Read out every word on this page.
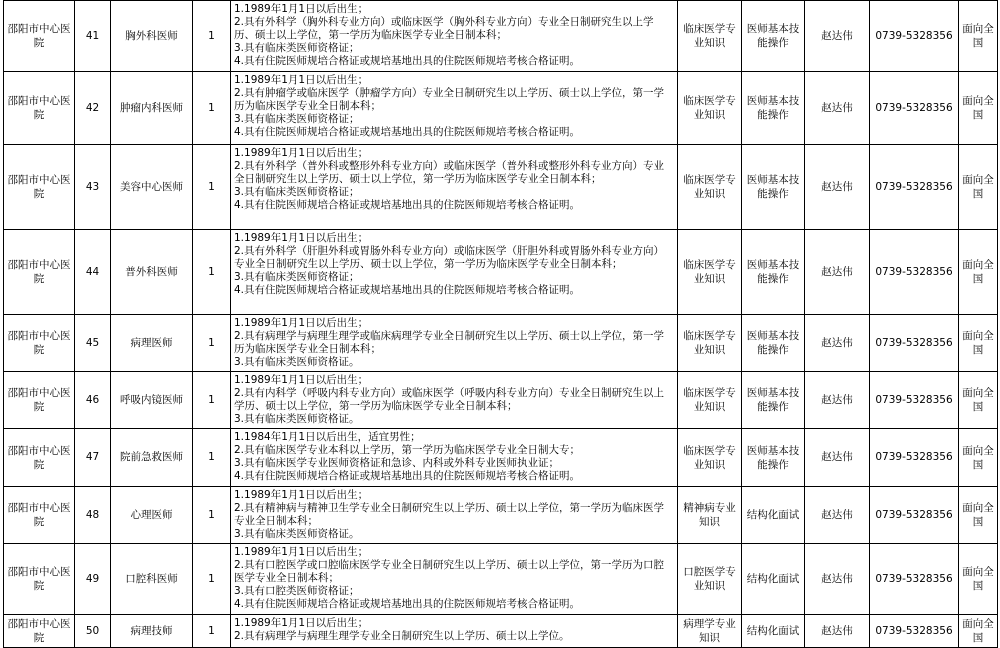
邵阳市中心医院	41	胸外科医师	1	1.1989年1月1日以后出生；
2.具有外科学（胸外科专业方向）或临床医学（胸外科专业方向）专业全日制研究生以上学历、硕士以上学位，第一学历为临床医学专业全日制本科；
3.具有临床类医师资格证；
4.具有住院医师规培合格证或规培基地出具的住院医师规培考核合格证明。	临床医学专业知识	医师基本技能操作	赵达伟	0739-5328356	面向全国
邵阳市中心医院	42	肿瘤内科医师	1	1.1989年1月1日以后出生；
2.具有肿瘤学或临床医学（肿瘤学方向）专业全日制研究生以上学历、硕士以上学位，第一学历为临床医学专业全日制本科；
3.具有临床类医师资格证；
4.具有住院医师规培合格证或规培基地出具的住院医师规培考核合格证明。	临床医学专业知识	医师基本技能操作	赵达伟	0739-5328356	面向全国
邵阳市中心医院	43	美容中心医师	1	1.1989年1月1日以后出生；
2.具有外科学（普外科或整形外科专业方向）或临床医学（普外科或整形外科专业方向）专业全日制研究生以上学历、硕士以上学位，第一学历为临床医学专业全日制本科；
3.具有临床类医师资格证；
4.具有住院医师规培合格证或规培基地出具的住院医师规培考核合格证明。	临床医学专业知识	医师基本技能操作	赵达伟	0739-5328356	面向全国
邵阳市中心医院	44	普外科医师	1	1.1989年1月1日以后出生；
2.具有外科学（肝胆外科或胃肠外科专业方向）或临床医学（肝胆外科或胃肠外科专业方向）专业全日制研究生以上学历、硕士以上学位，第一学历为临床医学专业全日制本科；
3.具有临床类医师资格证；
4.具有住院医师规培合格证或规培基地出具的住院医师规培考核合格证明。	临床医学专业知识	医师基本技能操作	赵达伟	0739-5328356	面向全国
邵阳市中心医院	45	病理医师	1	1.1989年1月1日以后出生；
2.具有病理学与病理生理学或临床病理学专业全日制研究生以上学历、硕士以上学位，第一学历为临床医学专业全日制本科；
3.具有临床类医师资格证。	临床医学专业知识	医师基本技能操作	赵达伟	0739-5328356	面向全国
邵阳市中心医院	46	呼吸内镜医师	1	1.1989年1月1日以后出生；
2.具有内科学（呼吸内科专业方向）或临床医学（呼吸内科专业方向）专业全日制研究生以上学历、硕士以上学位，第一学历为临床医学专业全日制本科；
3.具有临床类医师资格证。	临床医学专业知识	医师基本技能操作	赵达伟	0739-5328356	面向全国
邵阳市中心医院	47	院前急救医师	1	1.1984年1月1日以后出生，适宜男性；
2.具有临床医学专业本科以上学历，第一学历为临床医学专业全日制大专；
3.具有临床医学专业医师资格证和急诊、内科或外科专业医师执业证；
4.具有住院医师规培合格证或规培基地出具的住院医师规培考核合格证明。	临床医学专业知识	医师基本技能操作	赵达伟	0739-5328356	面向全国
邵阳市中心医院	48	心理医师	1	1.1989年1月1日以后出生；
2.具有精神病与精神卫生学专业全日制研究生以上学历、硕士以上学位，第一学历为临床医学专业全日制本科；
3.具有临床类医师资格证。	精神病专业知识	结构化面试	赵达伟	0739-5328356	面向全国
邵阳市中心医院	49	口腔科医师	1	1.1989年1月1日以后出生；
2.具有口腔医学或口腔临床医学专业全日制研究生以上学历、硕士以上学位，第一学历为口腔医学专业全日制本科；
3.具有口腔类医师资格证；
4.具有住院医师规培合格证或规培基地出具的住院医师规培考核合格证明。	口腔医学专业知识	结构化面试	赵达伟	0739-5328356	面向全国
邵阳市中心医院	50	病理技师	1	1.1989年1月1日以后出生；
2.具有病理学与病理生理学专业全日制研究生以上学历、硕士以上学位。	病理学专业知识	结构化面试	赵达伟	0739-5328356	面向全国
